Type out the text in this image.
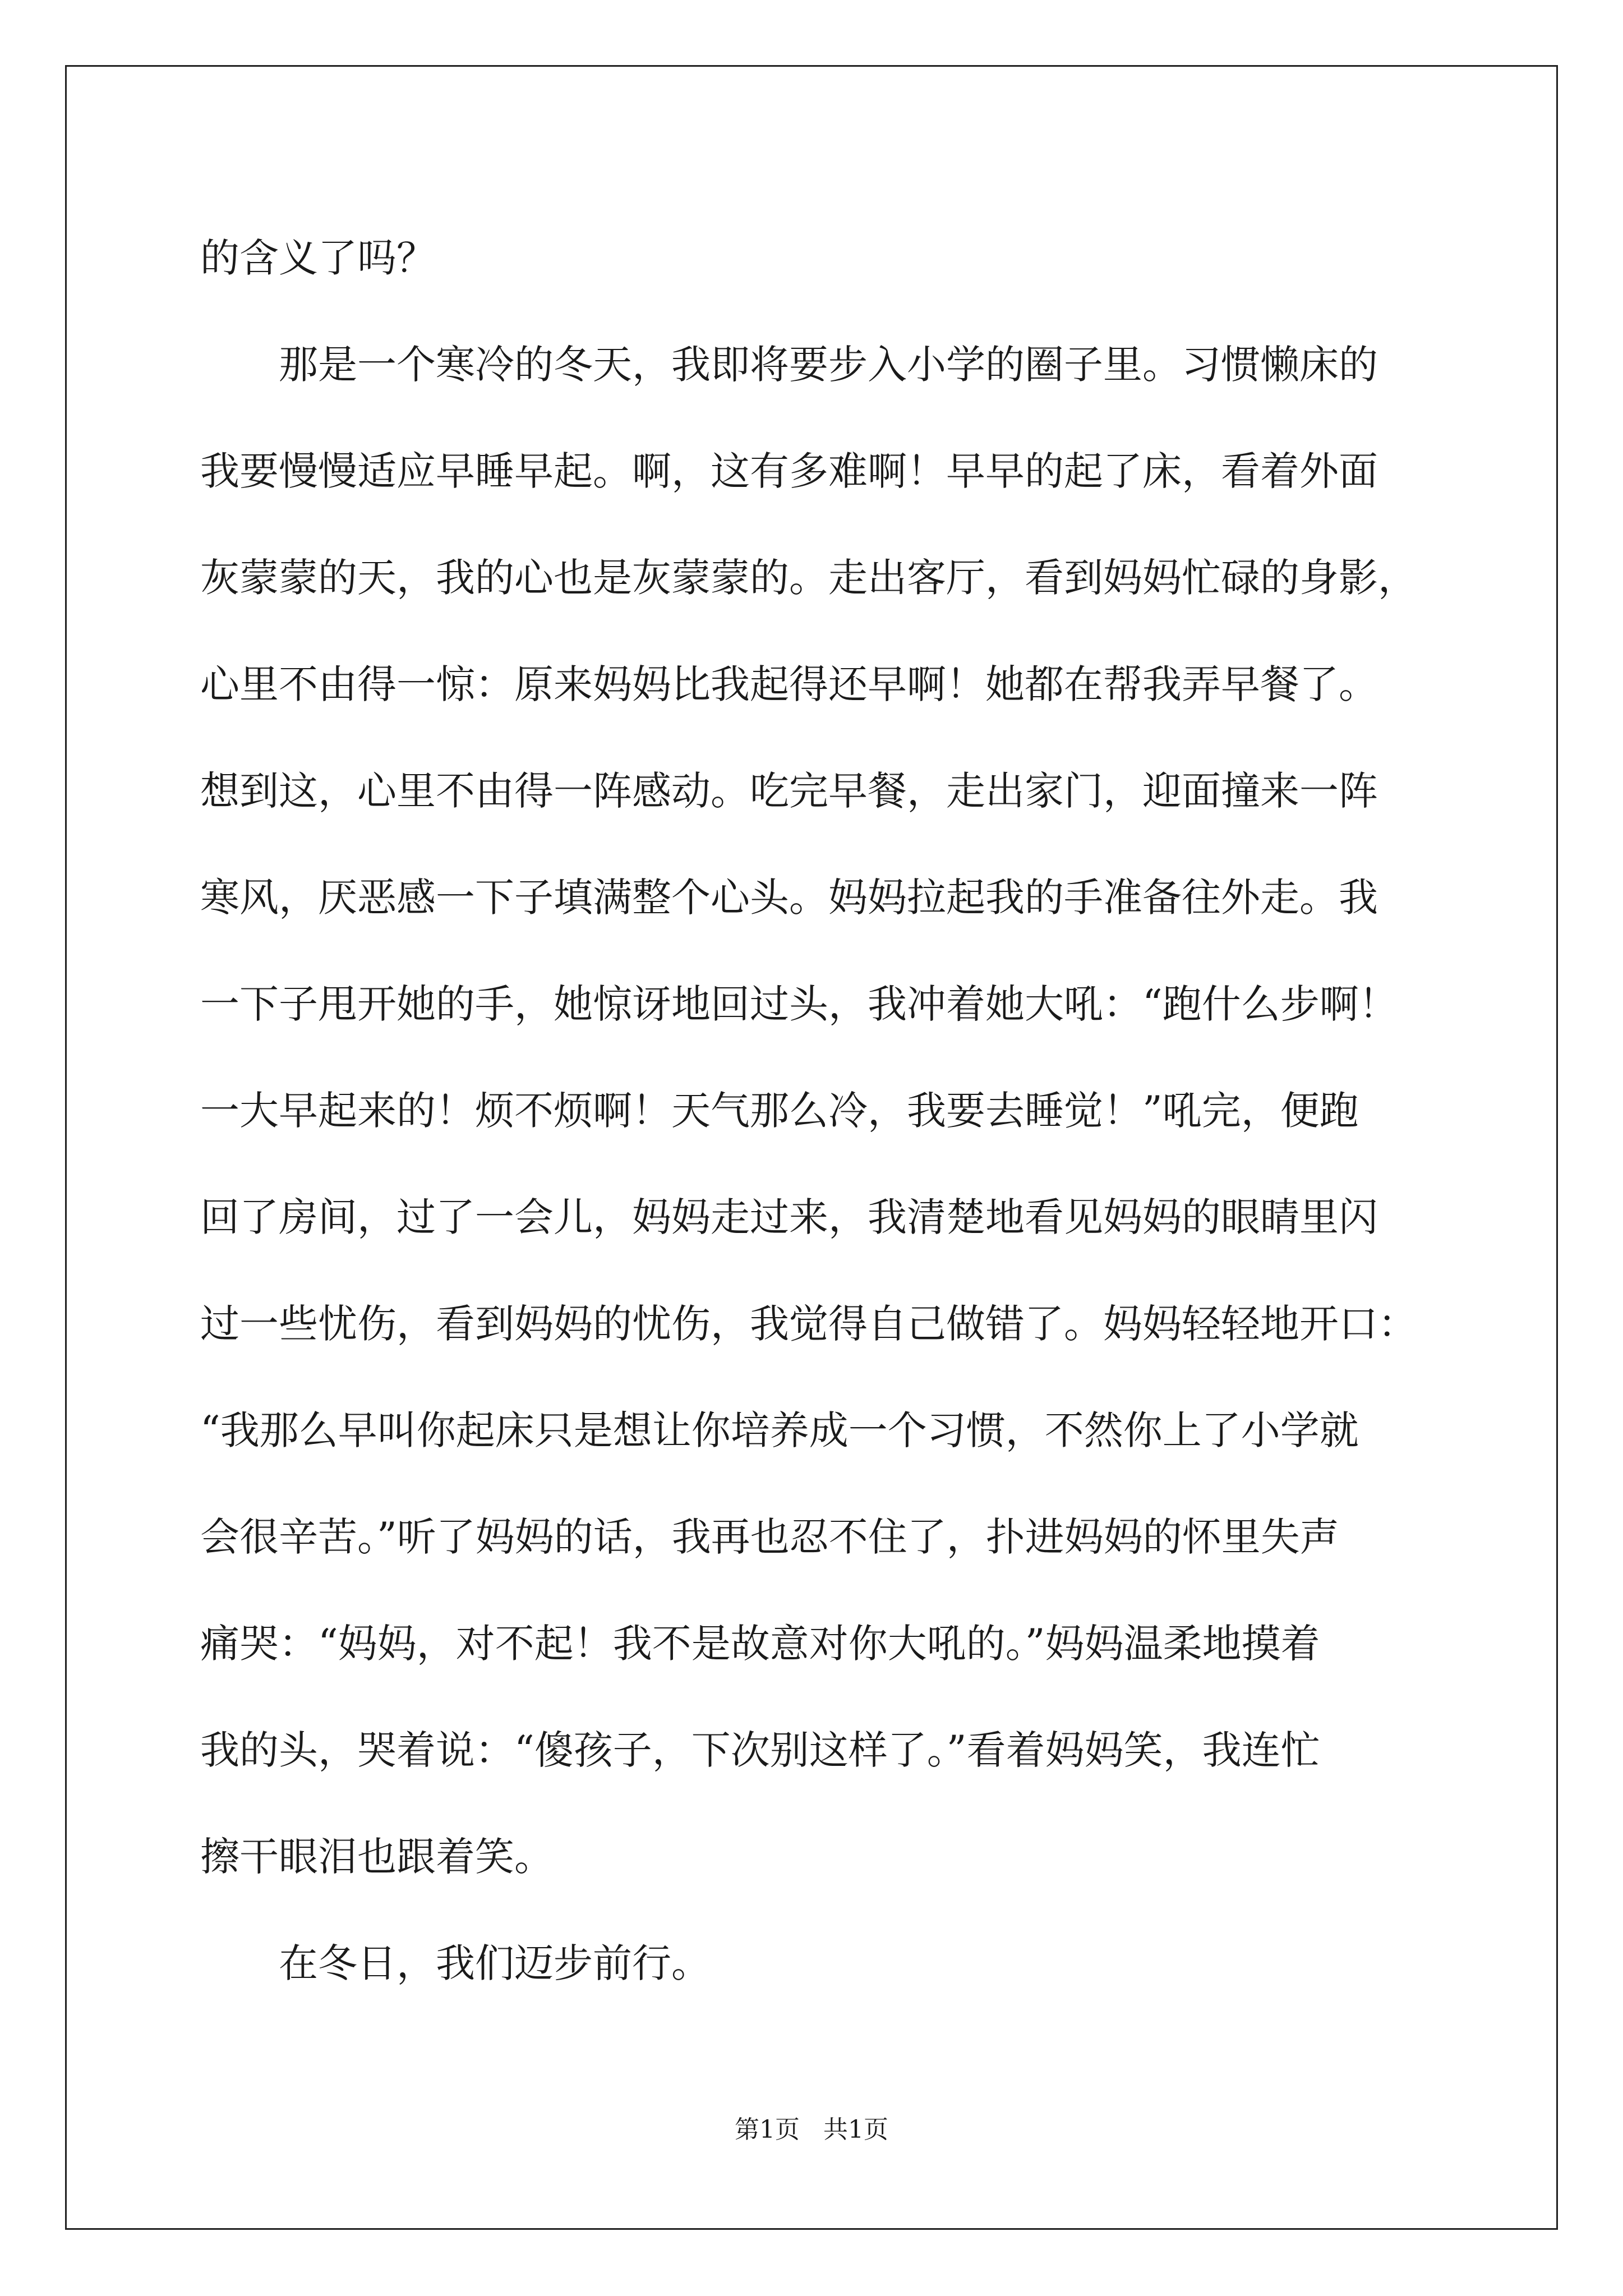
的含义了吗？
那是一个寒冷的冬天，我即将要步入小学的圈子里。习惯懒床的
我要慢慢适应早睡早起。啊，这有多难啊！早早的起了床，看着外面
灰蒙蒙的天，我的心也是灰蒙蒙的。走出客厅，看到妈妈忙碌的身影，
心里不由得一惊：原来妈妈比我起得还早啊！她都在帮我弄早餐了。
想到这，心里不由得一阵感动。吃完早餐，走出家门，迎面撞来一阵
寒风，厌恶感一下子填满整个心头。妈妈拉起我的手准备往外走。我
一下子甩开她的手，她惊讶地回过头，我冲着她大吼：“跑什么步啊！
一大早起来的！烦不烦啊！天气那么冷，我要去睡觉！”吼完，便跑
回了房间，过了一会儿，妈妈走过来，我清楚地看见妈妈的眼睛里闪
过一些忧伤，看到妈妈的忧伤，我觉得自己做错了。妈妈轻轻地开口：
“我那么早叫你起床只是想让你培养成一个习惯，不然你上了小学就
会很辛苦。”听了妈妈的话，我再也忍不住了，扑进妈妈的怀里失声
痛哭：“妈妈，对不起！我不是故意对你大吼的。”妈妈温柔地摸着
我的头，哭着说：“傻孩子，下次别这样了。”看着妈妈笑，我连忙
擦干眼泪也跟着笑。
在冬日，我们迈步前行。
第1页   共1页
